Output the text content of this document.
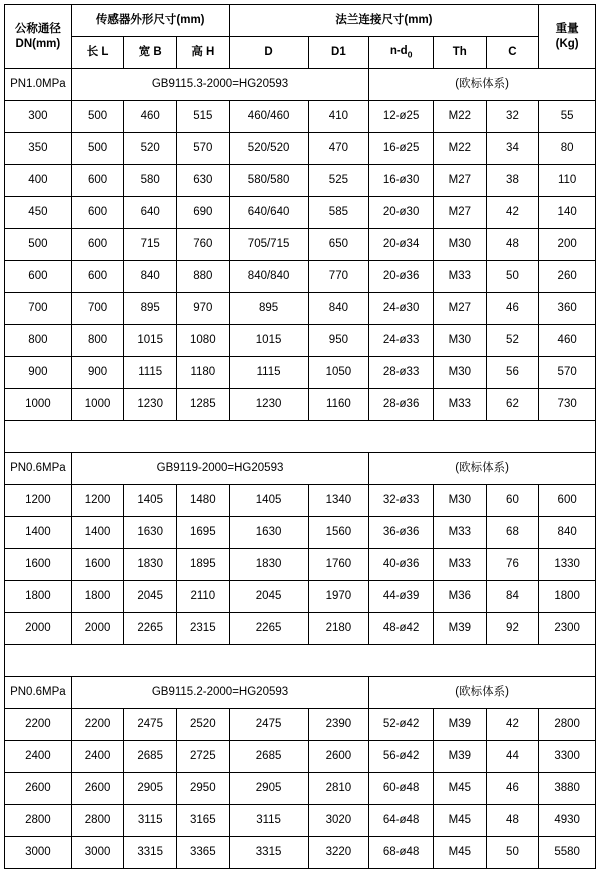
公称通径
DN(mm)	传感器外形尺寸(mm)			法兰连接尺寸(mm)					重量
(Kg)

	长 L	宽 B	高 H	D	D1	$n-d_0$	Th	C	
PN1.0MPa	GB9115.3-2000=HG20593					(欧标体系)			
300	500	460	515	460/460	410	12-ø25	M22	32	55
350	500	520	570	520/520	470	16-ø25	M22	34	80
400	600	580	630	580/580	525	16-ø30	M27	38	110
450	600	640	690	640/640	585	20-ø30	M27	42	140
500	600	715	760	705/715	650	20-ø34	M30	48	200
600	600	840	880	840/840	770	20-ø36	M33	50	260
700	700	895	970	895	840	24-ø30	M27	46	360
800	800	1015	1080	1015	950	24-ø33	M30	52	460
900	900	1115	1180	1115	1050	28-ø33	M30	56	570
1000	1000	1230	1285	1230	1160	28-ø36	M33	62	730

PN0.6MPa	GB9119-2000=HG20593					(欧标体系)			
1200	1200	1405	1480	1405	1340	32-ø33	M30	60	600
1400	1400	1630	1695	1630	1560	36-ø36	M33	68	840
1600	1600	1830	1895	1830	1760	40-ø36	M33	76	1330
1800	1800	2045	2110	2045	1970	44-ø39	M36	84	1800
2000	2000	2265	2315	2265	2180	48-ø42	M39	92	2300

PN0.6MPa	GB9115.2-2000=HG20593					(欧标体系)			
2200	2200	2475	2520	2475	2390	52-ø42	M39	42	2800
2400	2400	2685	2725	2685	2600	56-ø42	M39	44	3300
2600	2600	2905	2950	2905	2810	60-ø48	M45	46	3880
2800	2800	3115	3165	3115	3020	64-ø48	M45	48	4930
3000	3000	3315	3365	3315	3220	68-ø48	M45	50	5580
